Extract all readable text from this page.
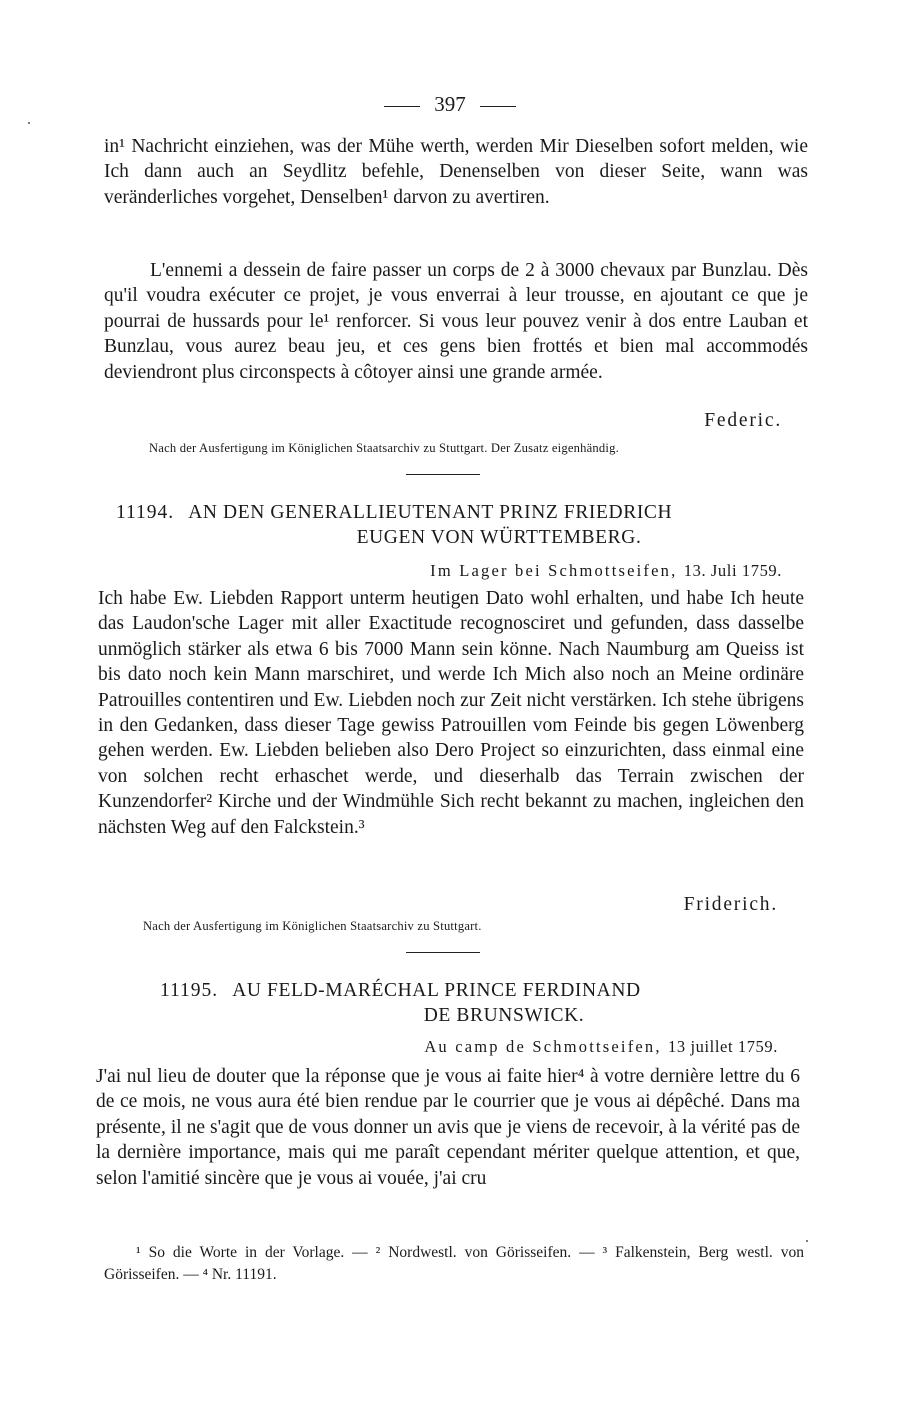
397

in¹ Nachricht einziehen, was der Mühe werth, werden Mir Dieselben sofort melden, wie Ich dann auch an Seydlitz befehle, Denenselben von dieser Seite, wann was veränderliches vorgehet, Denselben¹ darvon zu avertiren.

L'ennemi a dessein de faire passer un corps de 2 à 3000 chevaux par Bunzlau. Dès qu'il voudra exécuter ce projet, je vous enverrai à leur trousse, en ajoutant ce que je pourrai de hussards pour le¹ renforcer. Si vous leur pouvez venir à dos entre Lauban et Bunzlau, vous aurez beau jeu, et ces gens bien frottés et bien mal accommodés deviendront plus circonspects à côtoyer ainsi une grande armée.

Federic.
Nach der Ausfertigung im Königlichen Staatsarchiv zu Stuttgart. Der Zusatz eigenhändig.
11194. AN DEN GENERALLIEUTENANT PRINZ FRIEDRICH
EUGEN VON WÜRTTEMBERG.
Im Lager bei Schmottseifen, 13. Juli 1759.

Ich habe Ew. Liebden Rapport unterm heutigen Dato wohl erhalten, und habe Ich heute das Laudon'sche Lager mit aller Exactitude recognosciret und gefunden, dass dasselbe unmöglich stärker als etwa 6 bis 7000 Mann sein könne. Nach Naumburg am Queiss ist bis dato noch kein Mann marschiret, und werde Ich Mich also noch an Meine ordinäre Patrouilles contentiren und Ew. Liebden noch zur Zeit nicht verstärken. Ich stehe übrigens in den Gedanken, dass dieser Tage gewiss Patrouillen vom Feinde bis gegen Löwenberg gehen werden. Ew. Liebden belieben also Dero Project so einzurichten, dass einmal eine von solchen recht erhaschet werde, und dieserhalb das Terrain zwischen der Kunzendorfer² Kirche und der Windmühle Sich recht bekannt zu machen, ingleichen den nächsten Weg auf den Falckstein.³

Friderich.
Nach der Ausfertigung im Königlichen Staatsarchiv zu Stuttgart.
11195. AU FELD-MARÉCHAL PRINCE FERDINAND
DE BRUNSWICK.
Au camp de Schmottseifen, 13 juillet 1759.

J'ai nul lieu de douter que la réponse que je vous ai faite hier⁴ à votre dernière lettre du 6 de ce mois, ne vous aura été bien rendue par le courrier que je vous ai dépêché. Dans ma présente, il ne s'agit que de vous donner un avis que je viens de recevoir, à la vérité pas de la dernière importance, mais qui me paraît cependant mériter quelque attention, et que, selon l'amitié sincère que je vous ai vouée, j'ai cru

¹ So die Worte in der Vorlage. — ² Nordwestl. von Görisseifen. — ³ Falkenstein, Berg westl. von Görisseifen. — ⁴ Nr. 11191.
